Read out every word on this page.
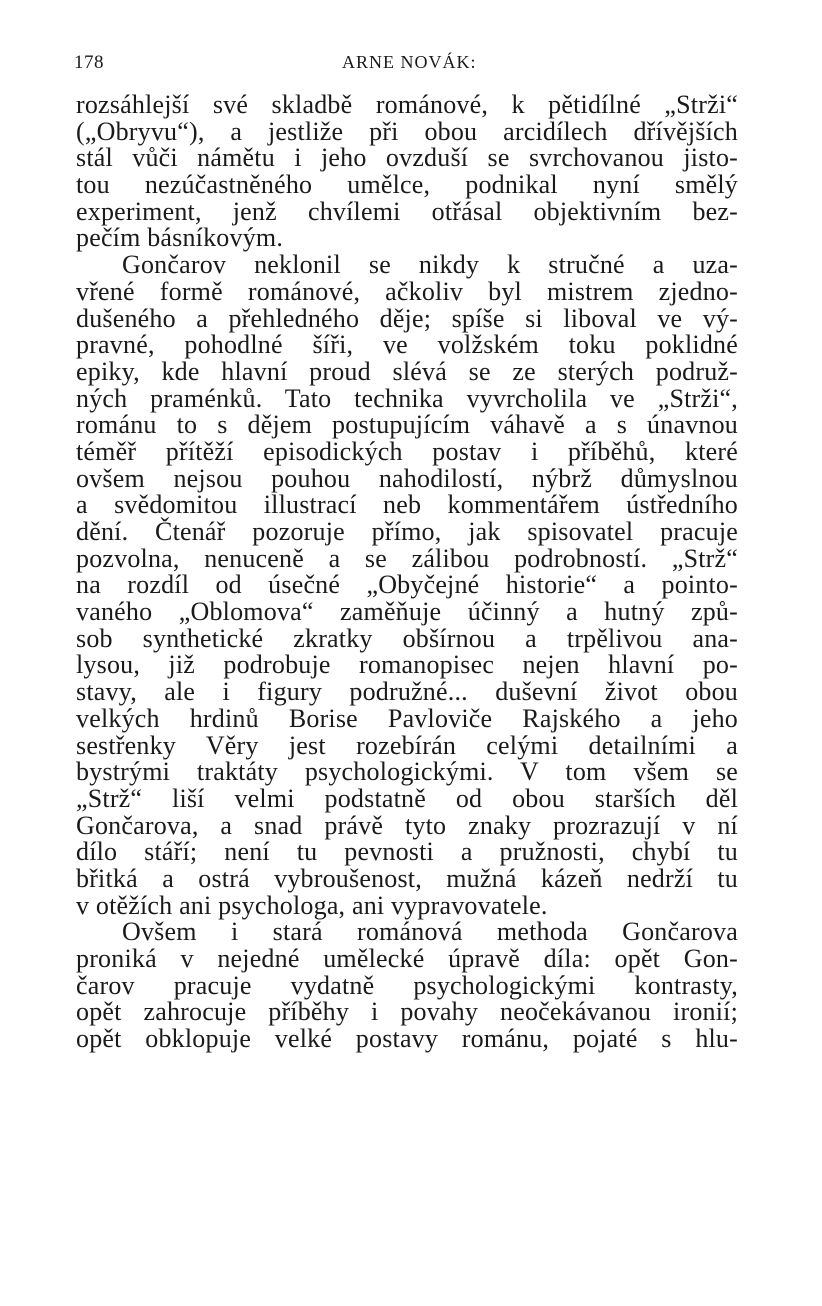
178	ARNE NOVÁK:
rozsáhlejší své skladbě románové, k pětidílné „Strži“
(„Obryvu“), a jestliže při obou arcidílech dřívějších
stál vůči námětu i jeho ovzduší se svrchovanou jisto-
tou nezúčastněného umělce, podnikal nyní smělý
experiment, jenž chvílemi otřásal objektivním bez-
pečím básníkovým.
Gončarov neklonil se nikdy k stručné a uza-
vřené formě románové, ačkoliv byl mistrem zjedno-
dušeného a přehledného děje; spíše si liboval ve vý-
pravné, pohodlné šíři, ve volžském toku poklidné
epiky, kde hlavní proud slévá se ze sterých podruž-
ných praménků. Tato technika vyvrcholila ve „Strži“,
románu to s dějem postupujícím váhavě a s únavnou
téměř přítěží episodických postav i příběhů, které
ovšem nejsou pouhou nahodilostí, nýbrž důmyslnou
a svědomitou illustrací neb kommentářem ústředního
dění. Čtenář pozoruje přímo, jak spisovatel pracuje
pozvolna, nenuceně a se zálibou podrobností. „Strž“
na rozdíl od úsečné „Obyčejné historie“ a pointo-
vaného „Oblomova“ zaměňuje účinný a hutný způ-
sob synthetické zkratky obšírnou a trpělivou ana-
lysou, již podrobuje romanopisec nejen hlavní po-
stavy, ale i figury podružné... duševní život obou
velkých hrdinů Borise Pavloviče Rajského a jeho
sestřenky Věry jest rozebírán celými detailními a
bystrými traktáty psychologickými. V tom všem se
„Strž“ liší velmi podstatně od obou starších děl
Gončarova, a snad právě tyto znaky prozrazují v ní
dílo stáří; není tu pevnosti a pružnosti, chybí tu
břitká a ostrá vybroušenost, mužná kázeň nedrží tu
v otěžích ani psychologa, ani vypravovatele.
Ovšem i stará románová methoda Gončarova
proniká v nejedné umělecké úpravě díla: opět Gon-
čarov pracuje vydatně psychologickými kontrasty,
opět zahrocuje příběhy i povahy neočekávanou ironií;
opět obklopuje velké postavy románu, pojaté s hlu-
